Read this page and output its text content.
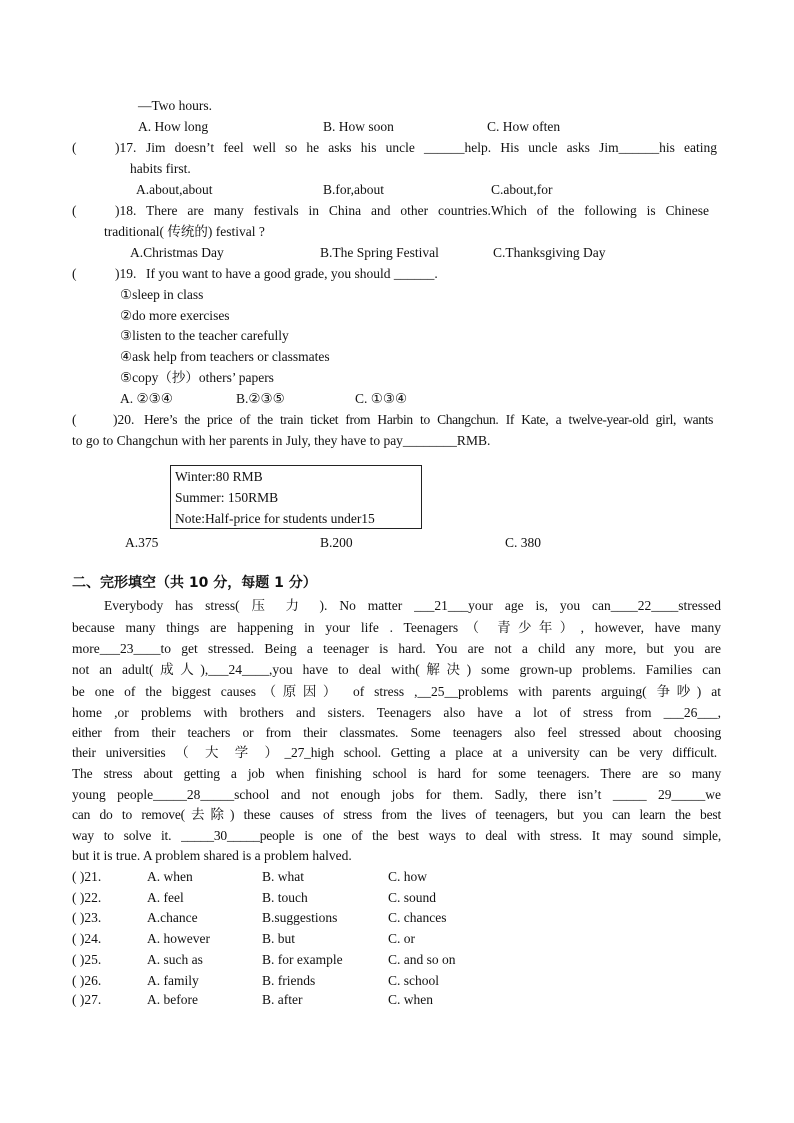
—Two hours.
A. How long	B. How soon	C. How often
(	)17. Jim doesn’t feel well so he asks his uncle ______help. His uncle asks Jim______his eating
habits first.
A.about,about	B.for,about	C.about,for
(	)18. There are many festivals in China and other countries.Which of the following is Chinese
traditional( 传统的) festival ?
A.Christmas Day	B.The Spring Festival	C.Thanksgiving Day
(	)19. If you want to have a good grade, you should ______.
①sleep in class
②do more exercises
③listen to the teacher carefully
④ask help from teachers or classmates
⑤copy（抄）others’ papers
A. ②③④	B.②③⑤	C. ①③④
(	)20. Here’s the price of the train ticket from Harbin to Changchun. If Kate, a twelve-year-old girl, wants
to go to Changchun with her parents in July, they have to pay________RMB.
Winter:80 RMB
Summer: 150RMB
Note:Half-price for students under15
A.375	B.200	C. 380
二、完形填空（共 10 分，每题 1 分）
Everybody has stress( 压 力 ). No matter ___21___your age is, you can____22____stressed
because many things are happening in your life . Teenagers（ 青少年）, however, have many
more___23____to get stressed. Being a teenager is hard. You are not a child any more, but you are
not an adult(成人),___24____,you have to deal with(解决) some grown-up problems. Families can
be one of the biggest causes（原因） of stress ,__25__problems with parents arguing( 争吵) at
home ,or problems with brothers and sisters. Teenagers also have a lot of stress from ___26___,
either from their teachers or from their classmates. Some teenagers also feel stressed about choosing
their universities （ 大 学 ）_27_high school. Getting a place at a university can be very difficult.
The stress about getting a job when finishing school is hard for some teenagers. There are so many
young people_____28_____school and not enough jobs for them. Sadly, there isn’t _____ 29_____we
can do to remove(去除) these causes of stress from the lives of teenagers, but you can learn the best
way to solve it. _____30_____people is one of the best ways to deal with stress. It may sound simple,
but it is true. A problem shared is a problem halved.
( )21.	A. when	B. what	C. how
( )22.	A. feel	B. touch	C. sound
( )23.	A.chance	B.suggestions	C. chances
( )24.	A. however	B. but	C. or
( )25.	A. such as	B. for example	C. and so on
( )26.	A. family	B. friends	C. school
( )27.	A. before	B. after	C. when
